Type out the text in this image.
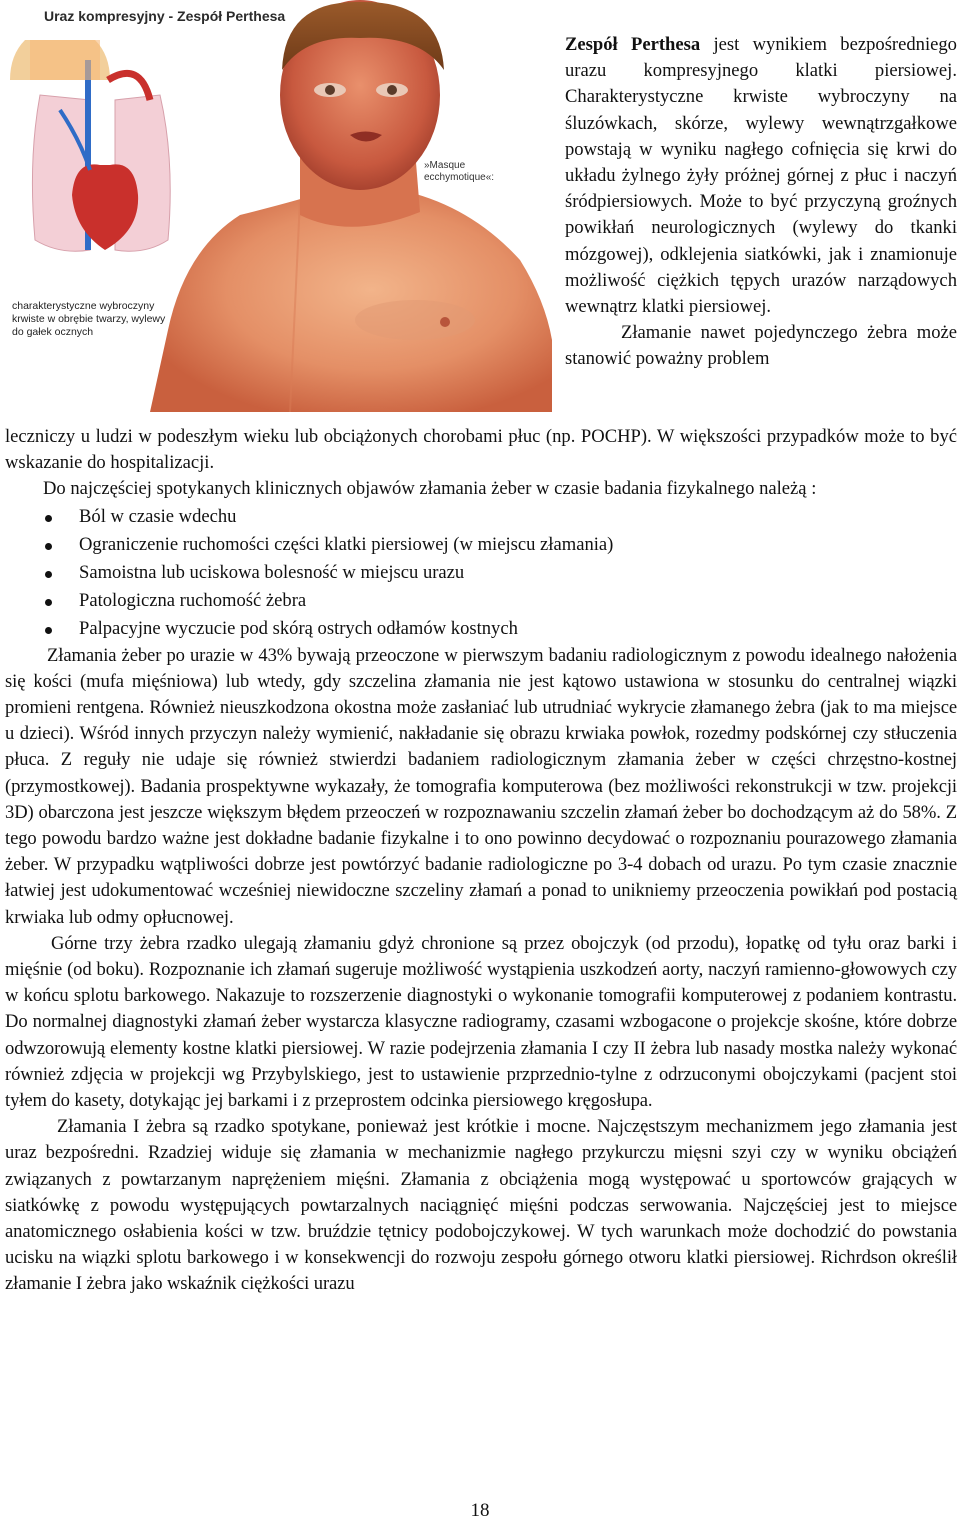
Uraz kompresyjny - Zespół Perthesa
charakterystyczne wybroczyny krwiste w obrębie twarzy, wylewy do gałek ocznych
»Masque ecchymotique«:

Zespół Perthesa jest wynikiem bezpośredniego urazu kompresyjnego klatki piersiowej. Charakterystyczne krwiste wybroczyny na śluzówkach, skórze, wylewy wewnątrzgałkowe powstają w wyniku nagłego cofnięcia się krwi do układu żylnego żyły próżnej górnej z płuc i naczyń śródpiersiowych. Może to być przyczyną groźnych powikłań neurologicznych (wylewy do tkanki mózgowej), odklejenia siatkówki, jak i znamionuje możliwość ciężkich tępych urazów narządowych wewnątrz klatki piersiowej.

Złamanie nawet pojedynczego żebra może stanowić poważny problem

leczniczy u ludzi w podeszłym wieku lub obciążonych chorobami płuc (np. POCHP). W większości przypadków może to być wskazanie do hospitalizacji.

Do najczęściej spotykanych klinicznych objawów złamania żeber w czasie badania fizykalnego należą :

Ból w czasie wdechu
Ograniczenie ruchomości części klatki piersiowej (w miejscu złamania)
Samoistna lub uciskowa bolesność w miejscu urazu
Patologiczna ruchomość żebra
Palpacyjne wyczucie pod skórą ostrych odłamów kostnych

Złamania żeber po urazie w 43% bywają przeoczone w pierwszym badaniu radiologicznym z powodu idealnego nałożenia się kości (mufa mięśniowa) lub wtedy, gdy szczelina złamania nie jest kątowo ustawiona w stosunku do centralnej wiązki promieni rentgena. Również nieuszkodzona okostna może zasłaniać lub utrudniać wykrycie złamanego żebra (jak to ma miejsce u dzieci). Wśród innych przyczyn należy wymienić, nakładanie się obrazu krwiaka powłok, rozedmy podskórnej czy stłuczenia płuca. Z reguły nie udaje się również stwierdzi badaniem radiologicznym złamania żeber w części chrzęstno-kostnej (przymostkowej). Badania prospektywne wykazały, że tomografia komputerowa (bez możliwości rekonstrukcji w tzw. projekcji 3D) obarczona jest jeszcze większym błędem przeoczeń w rozpoznawaniu szczelin złamań żeber bo dochodzącym aż do 58%. Z tego powodu bardzo ważne jest dokładne badanie fizykalne i to ono powinno decydować o rozpoznaniu pourazowego złamania żeber. W przypadku wątpliwości dobrze jest powtórzyć badanie radiologiczne po 3-4 dobach od urazu. Po tym czasie znacznie łatwiej jest udokumentować wcześniej niewidoczne szczeliny złamań a ponad to unikniemy przeoczenia powikłań pod postacią krwiaka lub odmy opłucnowej.

Górne trzy żebra rzadko ulegają złamaniu gdyż chronione są przez obojczyk (od przodu), łopatkę od tyłu oraz barki i mięśnie (od boku). Rozpoznanie ich złamań sugeruje możliwość wystąpienia uszkodzeń aorty, naczyń ramienno-głowowych czy w końcu splotu barkowego. Nakazuje to rozszerzenie diagnostyki o wykonanie tomografii komputerowej z podaniem kontrastu. Do normalnej diagnostyki złamań żeber wystarcza klasyczne radiogramy, czasami wzbogacone o projekcje skośne, które dobrze odwzorowują elementy kostne klatki piersiowej. W razie podejrzenia złamania I czy II żebra lub nasady mostka należy wykonać również zdjęcia w projekcji wg Przybylskiego, jest to ustawienie przprzednio-tylne z odrzuconymi obojczykami (pacjent stoi tyłem do kasety, dotykając jej barkami i z przeprostem odcinka piersiowego kręgosłupa.

Złamania I żebra są rzadko spotykane, ponieważ jest krótkie i mocne. Najczęstszym mechanizmem jego złamania jest uraz bezpośredni. Rzadziej widuje się złamania w mechanizmie nagłego przykurczu mięsni szyi czy w wyniku obciążeń związanych z powtarzanym naprężeniem mięśni. Złamania z obciążenia mogą występować u sportowców grających w siatkówkę z powodu występujących powtarzalnych naciągnięć mięśni podczas serwowania. Najczęściej jest to miejsce anatomicznego osłabienia kości w tzw. bruździe tętnicy podobojczykowej. W tych warunkach może dochodzić do powstania ucisku na wiązki splotu barkowego i w konsekwencji do rozwoju zespołu górnego otworu klatki piersiowej. Richrdson określił złamanie I żebra jako wskaźnik ciężkości urazu

18
